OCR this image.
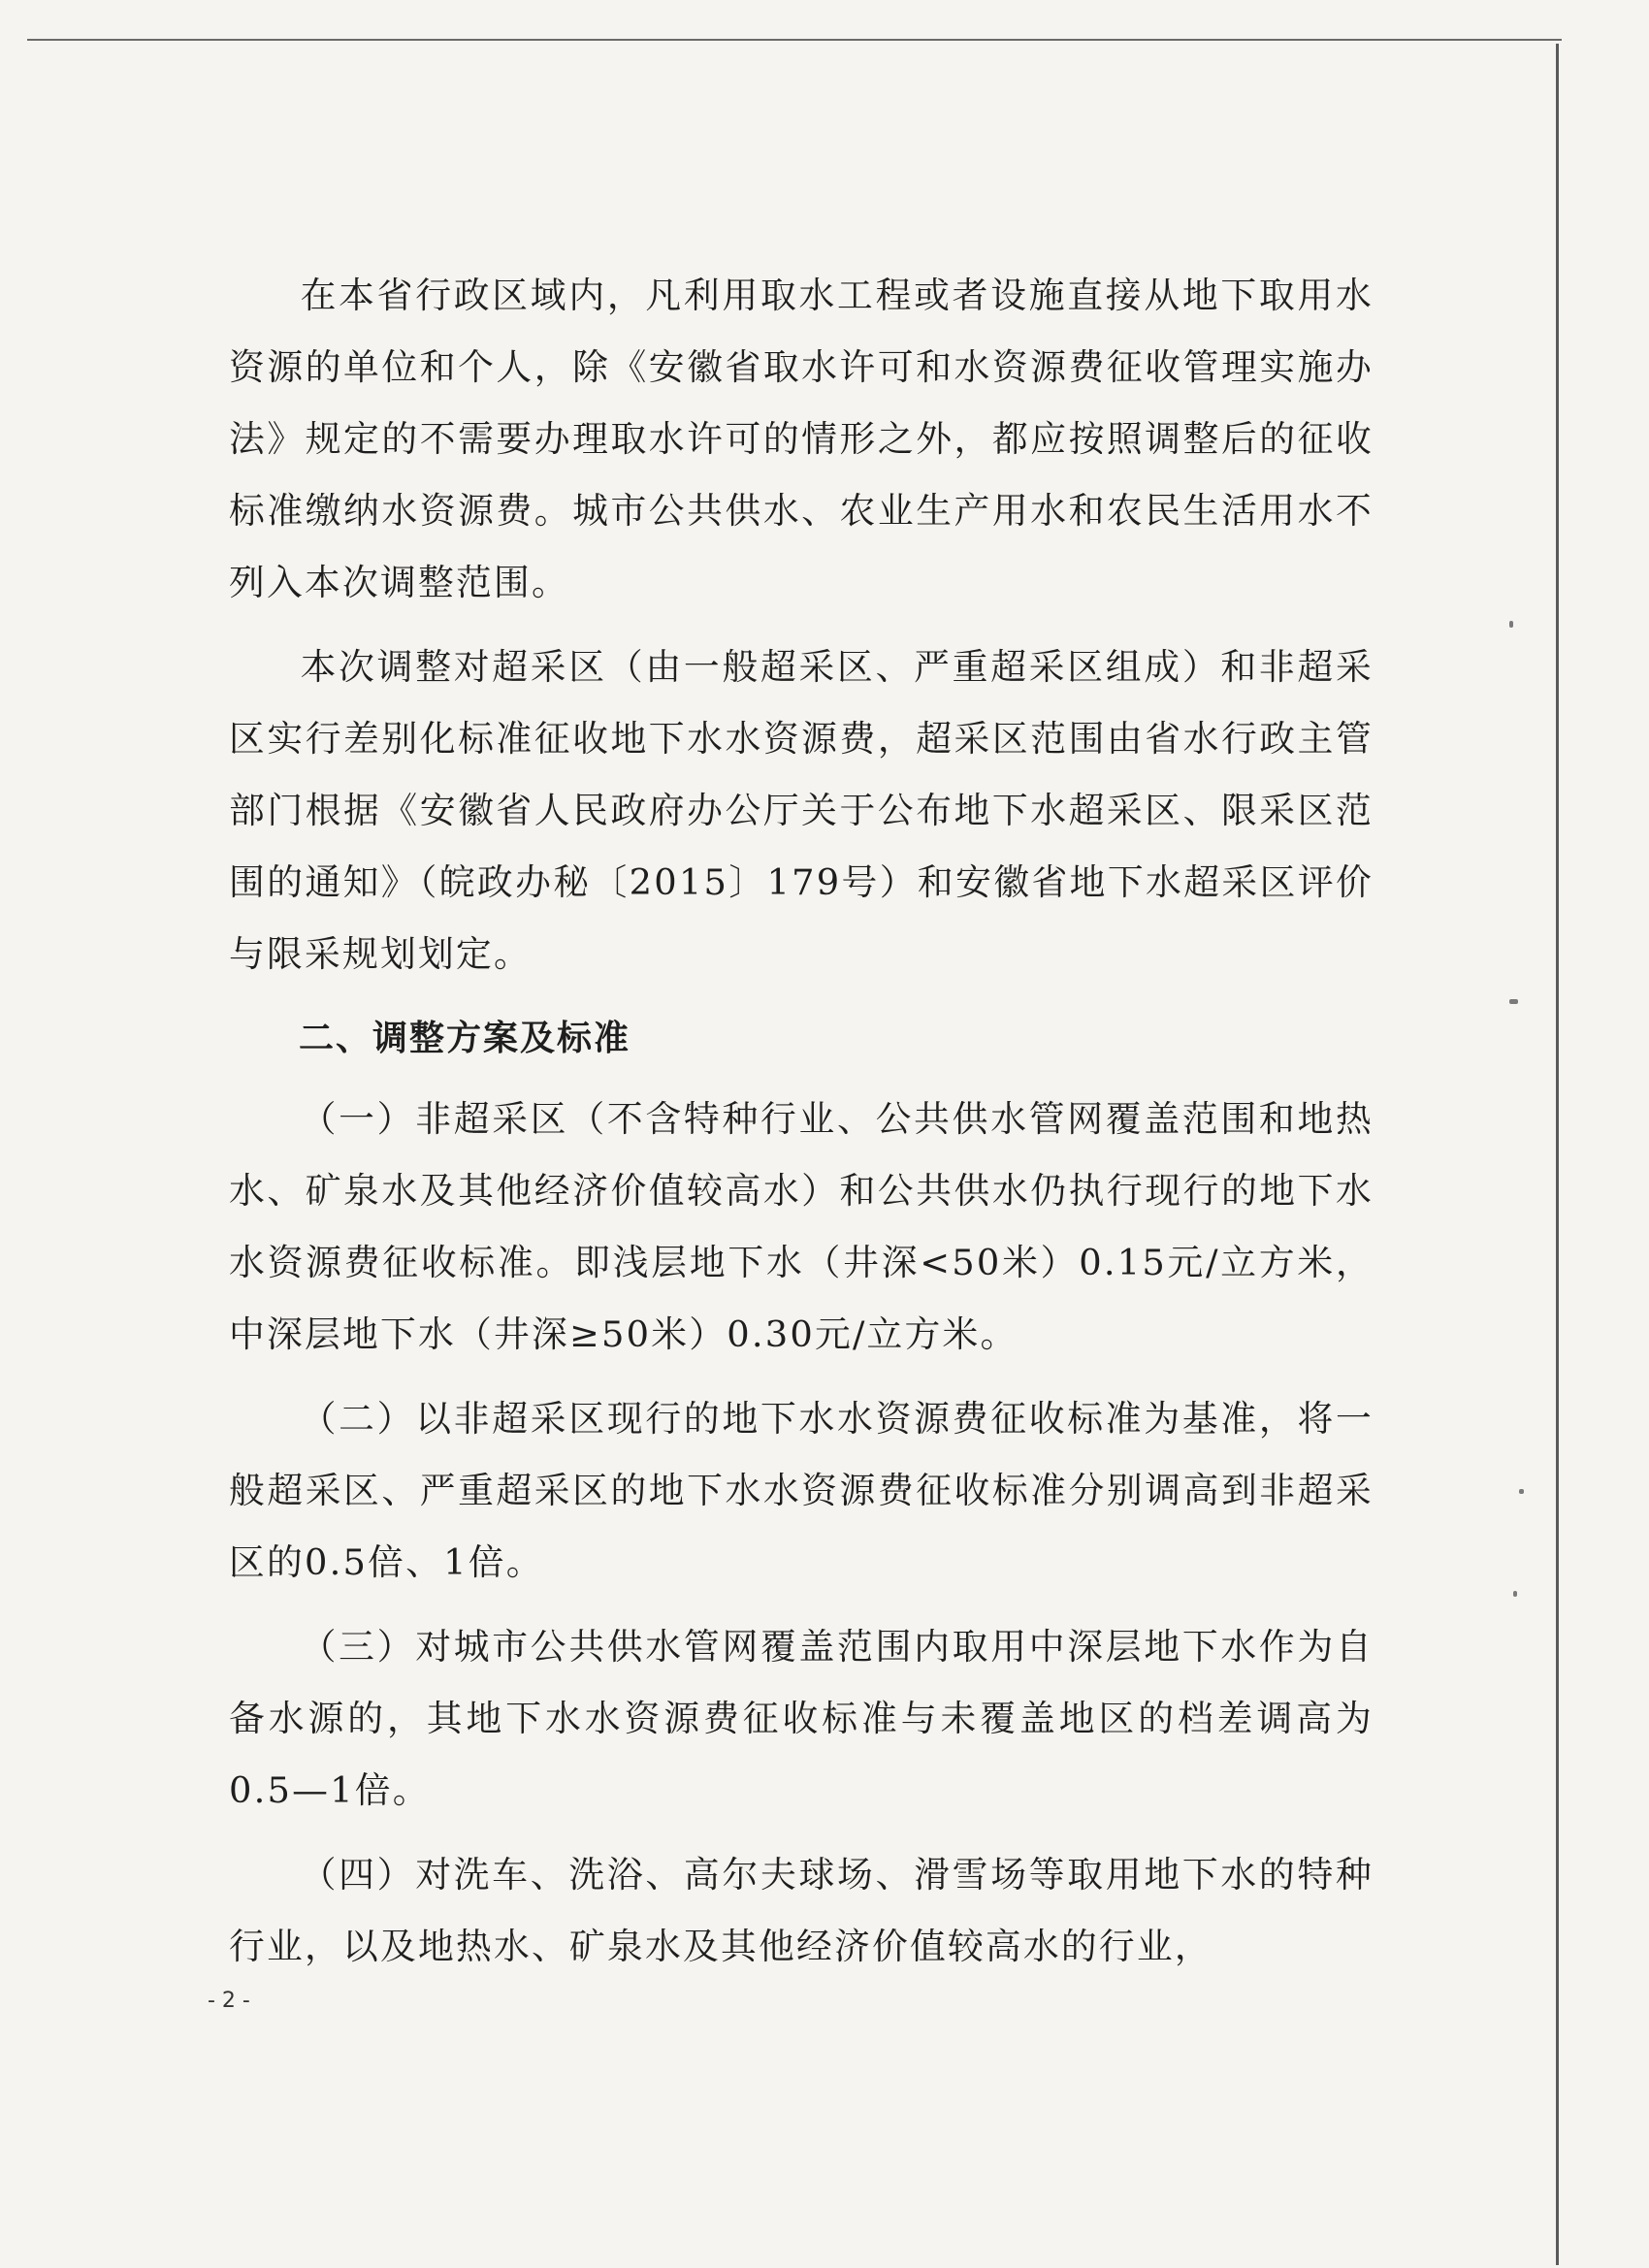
在本省行政区域内，凡利用取水工程或者设施直接从地下取用水资源的单位和个人，除《安徽省取水许可和水资源费征收管理实施办法》规定的不需要办理取水许可的情形之外，都应按照调整后的征收标准缴纳水资源费。城市公共供水、农业生产用水和农民生活用水不列入本次调整范围。

本次调整对超采区（由一般超采区、严重超采区组成）和非超采区实行差别化标准征收地下水水资源费，超采区范围由省水行政主管部门根据《安徽省人民政府办公厅关于公布地下水超采区、限采区范围的通知》（皖政办秘〔2015〕179号）和安徽省地下水超采区评价与限采规划划定。

二、调整方案及标准

（一）非超采区（不含特种行业、公共供水管网覆盖范围和地热水、矿泉水及其他经济价值较高水）和公共供水仍执行现行的地下水水资源费征收标准。即浅层地下水（井深<50米）0.15元/立方米，中深层地下水（井深≥50米）0.30元/立方米。

（二）以非超采区现行的地下水水资源费征收标准为基准，将一般超采区、严重超采区的地下水水资源费征收标准分别调高到非超采区的0.5倍、1倍。

（三）对城市公共供水管网覆盖范围内取用中深层地下水作为自备水源的，其地下水水资源费征收标准与未覆盖地区的档差调高为0.5—1倍。

（四）对洗车、洗浴、高尔夫球场、滑雪场等取用地下水的特种行业，以及地热水、矿泉水及其他经济价值较高水的行业，

- 2 -
